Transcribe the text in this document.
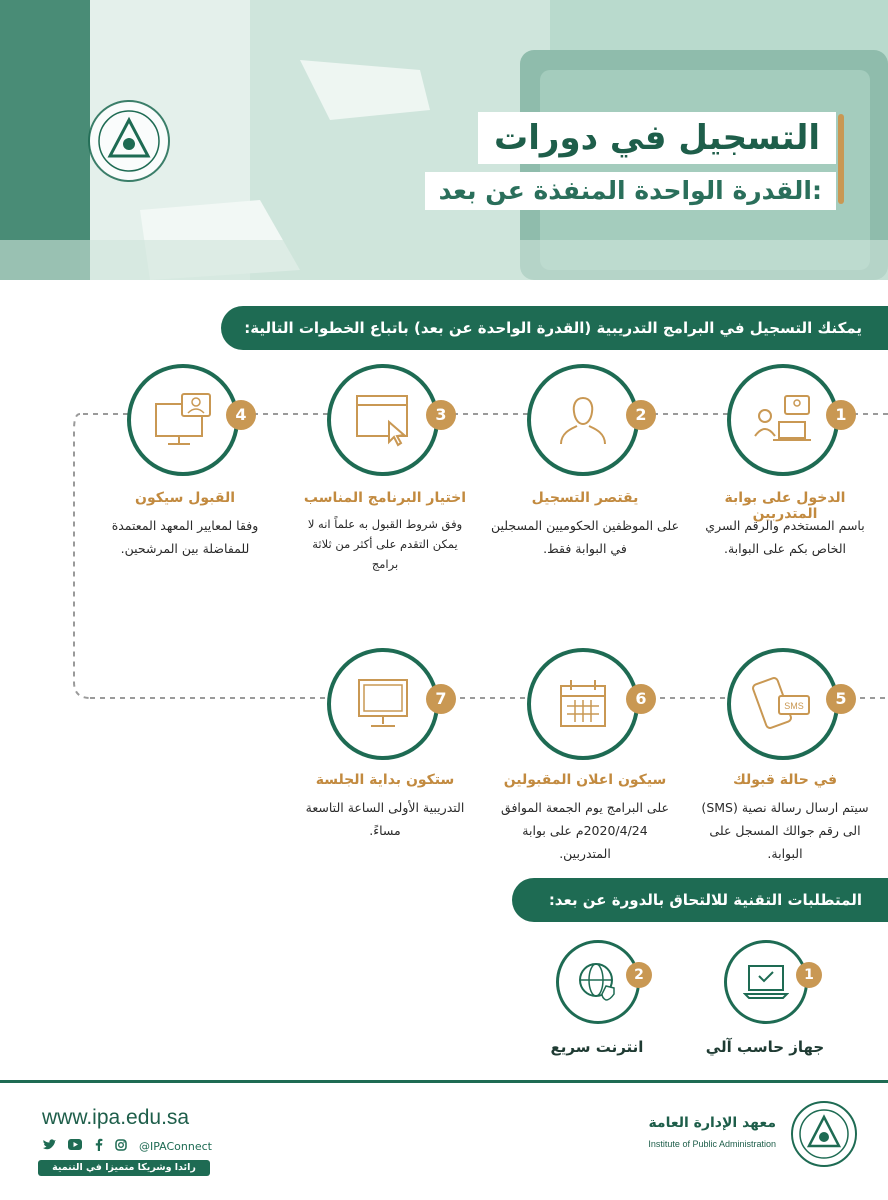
التسجيل في دورات
القدرة الواحدة المنفذة عن بعد:
يمكنك التسجيل في البرامج التدريبية (القدرة الواحدة عن بعد) باتباع الخطوات التالية:
1
الدخول على بوابة المتدربين
باسم المستخدم والرقم السري الخاص بكم على البوابة.
2
يقتصر التسجيل
على الموظفين الحكوميين المسجلين في البوابة فقط.
3
اختيار البرنامج المناسب
وفق شروط القبول به علماً انه لا يمكن التقدم على أكثر من ثلاثة برامج
4
القبول سيكون
وفقا لمعايير المعهد المعتمدة للمفاضلة بين المرشحين.
SMS	5
في حالة قبولك
سيتم ارسال رسالة نصية (SMS) الى رقم جوالك المسجل على البوابة.
6
سيكون اعلان المقبولين
على البرامج يوم الجمعة الموافق 2020/4/24م على بوابة المتدربين.
7
ستكون بداية الجلسة
التدريبية الأولى الساعة التاسعة مساءً.
المتطلبات التقنية للالتحاق بالدورة عن بعد:
1
جهاز حاسب آلي
2
انترنت سريع
www.ipa.edu.sa
@IPAConnect
رائدا وشريكا متميزا في التنمية الإدارية
معهد الإدارة العامة
Institute of Public Administration
